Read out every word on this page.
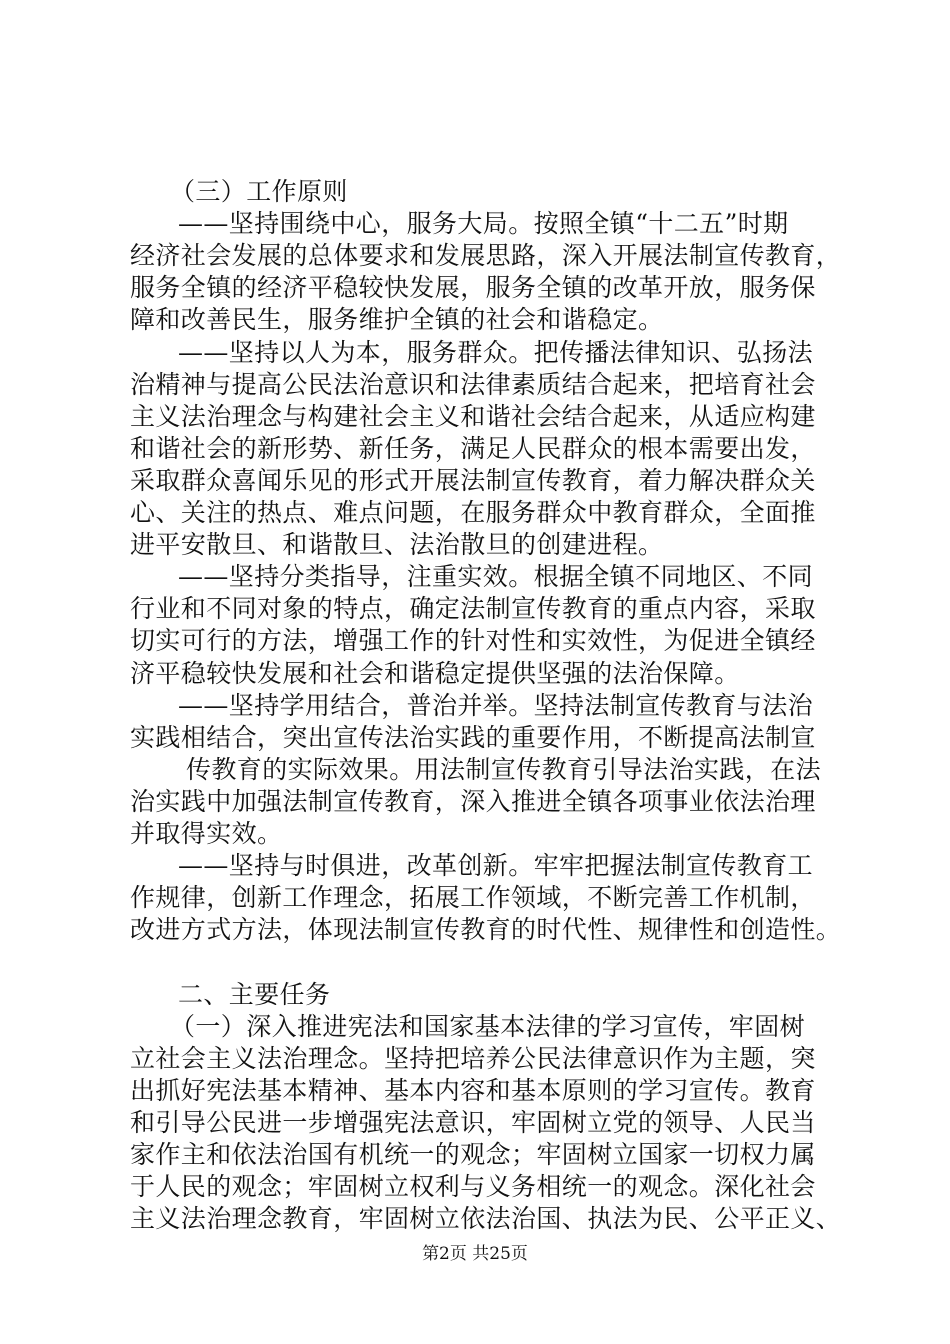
（三）工作原则
——坚持围绕中心，服务大局。按照全镇“十二五”时期
经济社会发展的总体要求和发展思路，深入开展法制宣传教育，
服务全镇的经济平稳较快发展，服务全镇的改革开放，服务保
障和改善民生，服务维护全镇的社会和谐稳定。
——坚持以人为本，服务群众。把传播法律知识、弘扬法
治精神与提高公民法治意识和法律素质结合起来，把培育社会
主义法治理念与构建社会主义和谐社会结合起来，从适应构建
和谐社会的新形势、新任务，满足人民群众的根本需要出发，
采取群众喜闻乐见的形式开展法制宣传教育，着力解决群众关
心、关注的热点、难点问题，在服务群众中教育群众，全面推
进平安散旦、和谐散旦、法治散旦的创建进程。
——坚持分类指导，注重实效。根据全镇不同地区、不同
行业和不同对象的特点，确定法制宣传教育的重点内容，采取
切实可行的方法，增强工作的针对性和实效性，为促进全镇经
济平稳较快发展和社会和谐稳定提供坚强的法治保障。
——坚持学用结合，普治并举。坚持法制宣传教育与法治
实践相结合，突出宣传法治实践的重要作用，不断提高法制宣
传教育的实际效果。用法制宣传教育引导法治实践，在法
治实践中加强法制宣传教育，深入推进全镇各项事业依法治理
并取得实效。
——坚持与时俱进，改革创新。牢牢把握法制宣传教育工
作规律，创新工作理念，拓展工作领域，不断完善工作机制，
改进方式方法，体现法制宣传教育的时代性、规律性和创造性。
二、主要任务
（一）深入推进宪法和国家基本法律的学习宣传，牢固树
立社会主义法治理念。坚持把培养公民法律意识作为主题，突
出抓好宪法基本精神、基本内容和基本原则的学习宣传。教育
和引导公民进一步增强宪法意识，牢固树立党的领导、人民当
家作主和依法治国有机统一的观念；牢固树立国家一切权力属
于人民的观念；牢固树立权利与义务相统一的观念。深化社会
主义法治理念教育，牢固树立依法治国、执法为民、公平正义、
第2页 共25页
